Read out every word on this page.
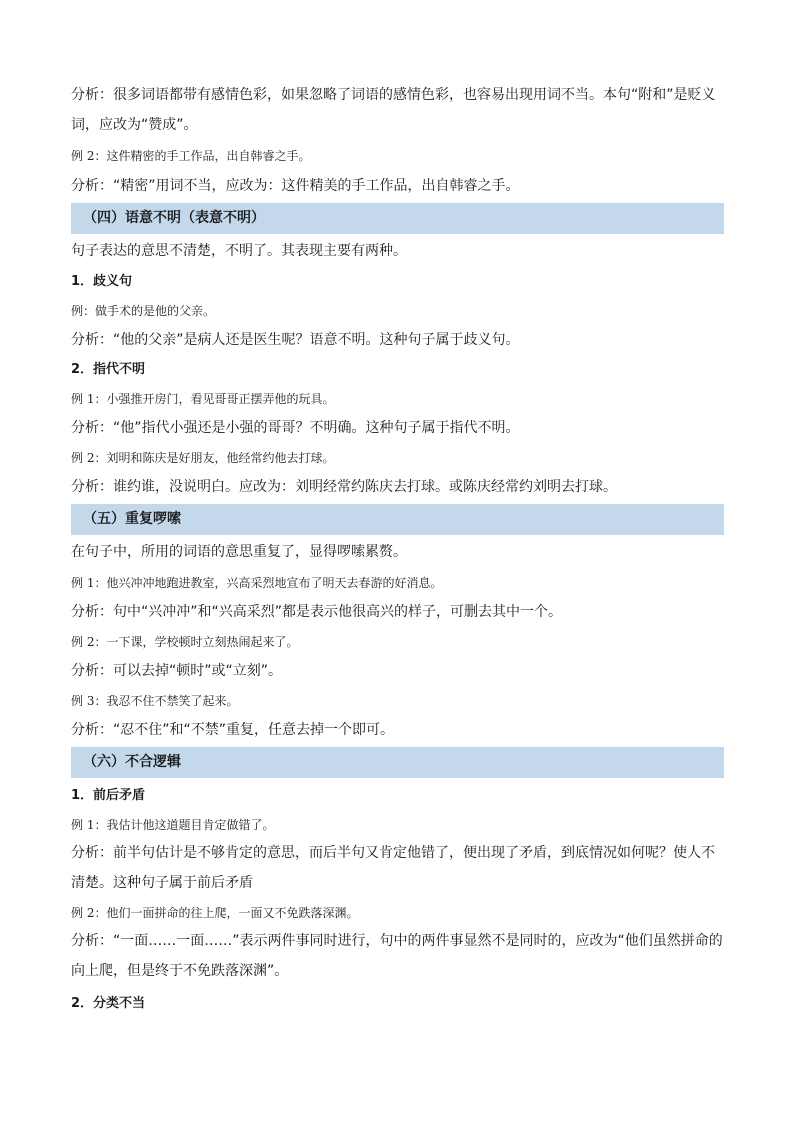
分析：很多词语都带有感情色彩，如果忽略了词语的感情色彩，也容易出现用词不当。本句“附和”是贬义词，应改为“赞成”。

例 2：这件精密的手工作品，出自韩睿之手。

分析：“精密”用词不当，应改为：这件精美的手工作品，出自韩睿之手。

（四）语意不明（表意不明）

句子表达的意思不清楚，不明了。其表现主要有两种。

1．歧义句

例：做手术的是他的父亲。

分析：“他的父亲”是病人还是医生呢？语意不明。这种句子属于歧义句。

2．指代不明

例 1：小强推开房门，看见哥哥正摆弄他的玩具。

分析：“他”指代小强还是小强的哥哥？不明确。这种句子属于指代不明。

例 2：刘明和陈庆是好朋友，他经常约他去打球。

分析：谁约谁，没说明白。应改为：刘明经常约陈庆去打球。或陈庆经常约刘明去打球。

（五）重复啰嗦

在句子中，所用的词语的意思重复了，显得啰嗦累赘。

例 1：他兴冲冲地跑进教室，兴高采烈地宣布了明天去春游的好消息。

分析：句中“兴冲冲”和“兴高采烈”都是表示他很高兴的样子，可删去其中一个。

例 2：一下课，学校顿时立刻热闹起来了。

分析：可以去掉“顿时”或“立刻”。

例 3：我忍不住不禁笑了起来。

分析：“忍不住”和“不禁”重复，任意去掉一个即可。

（六）不合逻辑

1．前后矛盾

例 1：我估计他这道题目肯定做错了。

分析：前半句估计是不够肯定的意思，而后半句又肯定他错了，便出现了矛盾，到底情况如何呢？使人不清楚。这种句子属于前后矛盾

例 2：他们一面拼命的往上爬，一面又不免跌落深渊。

分析：“一面……一面……”表示两件事同时进行，句中的两件事显然不是同时的，应改为“他们虽然拼命的向上爬，但是终于不免跌落深渊”。

2．分类不当
